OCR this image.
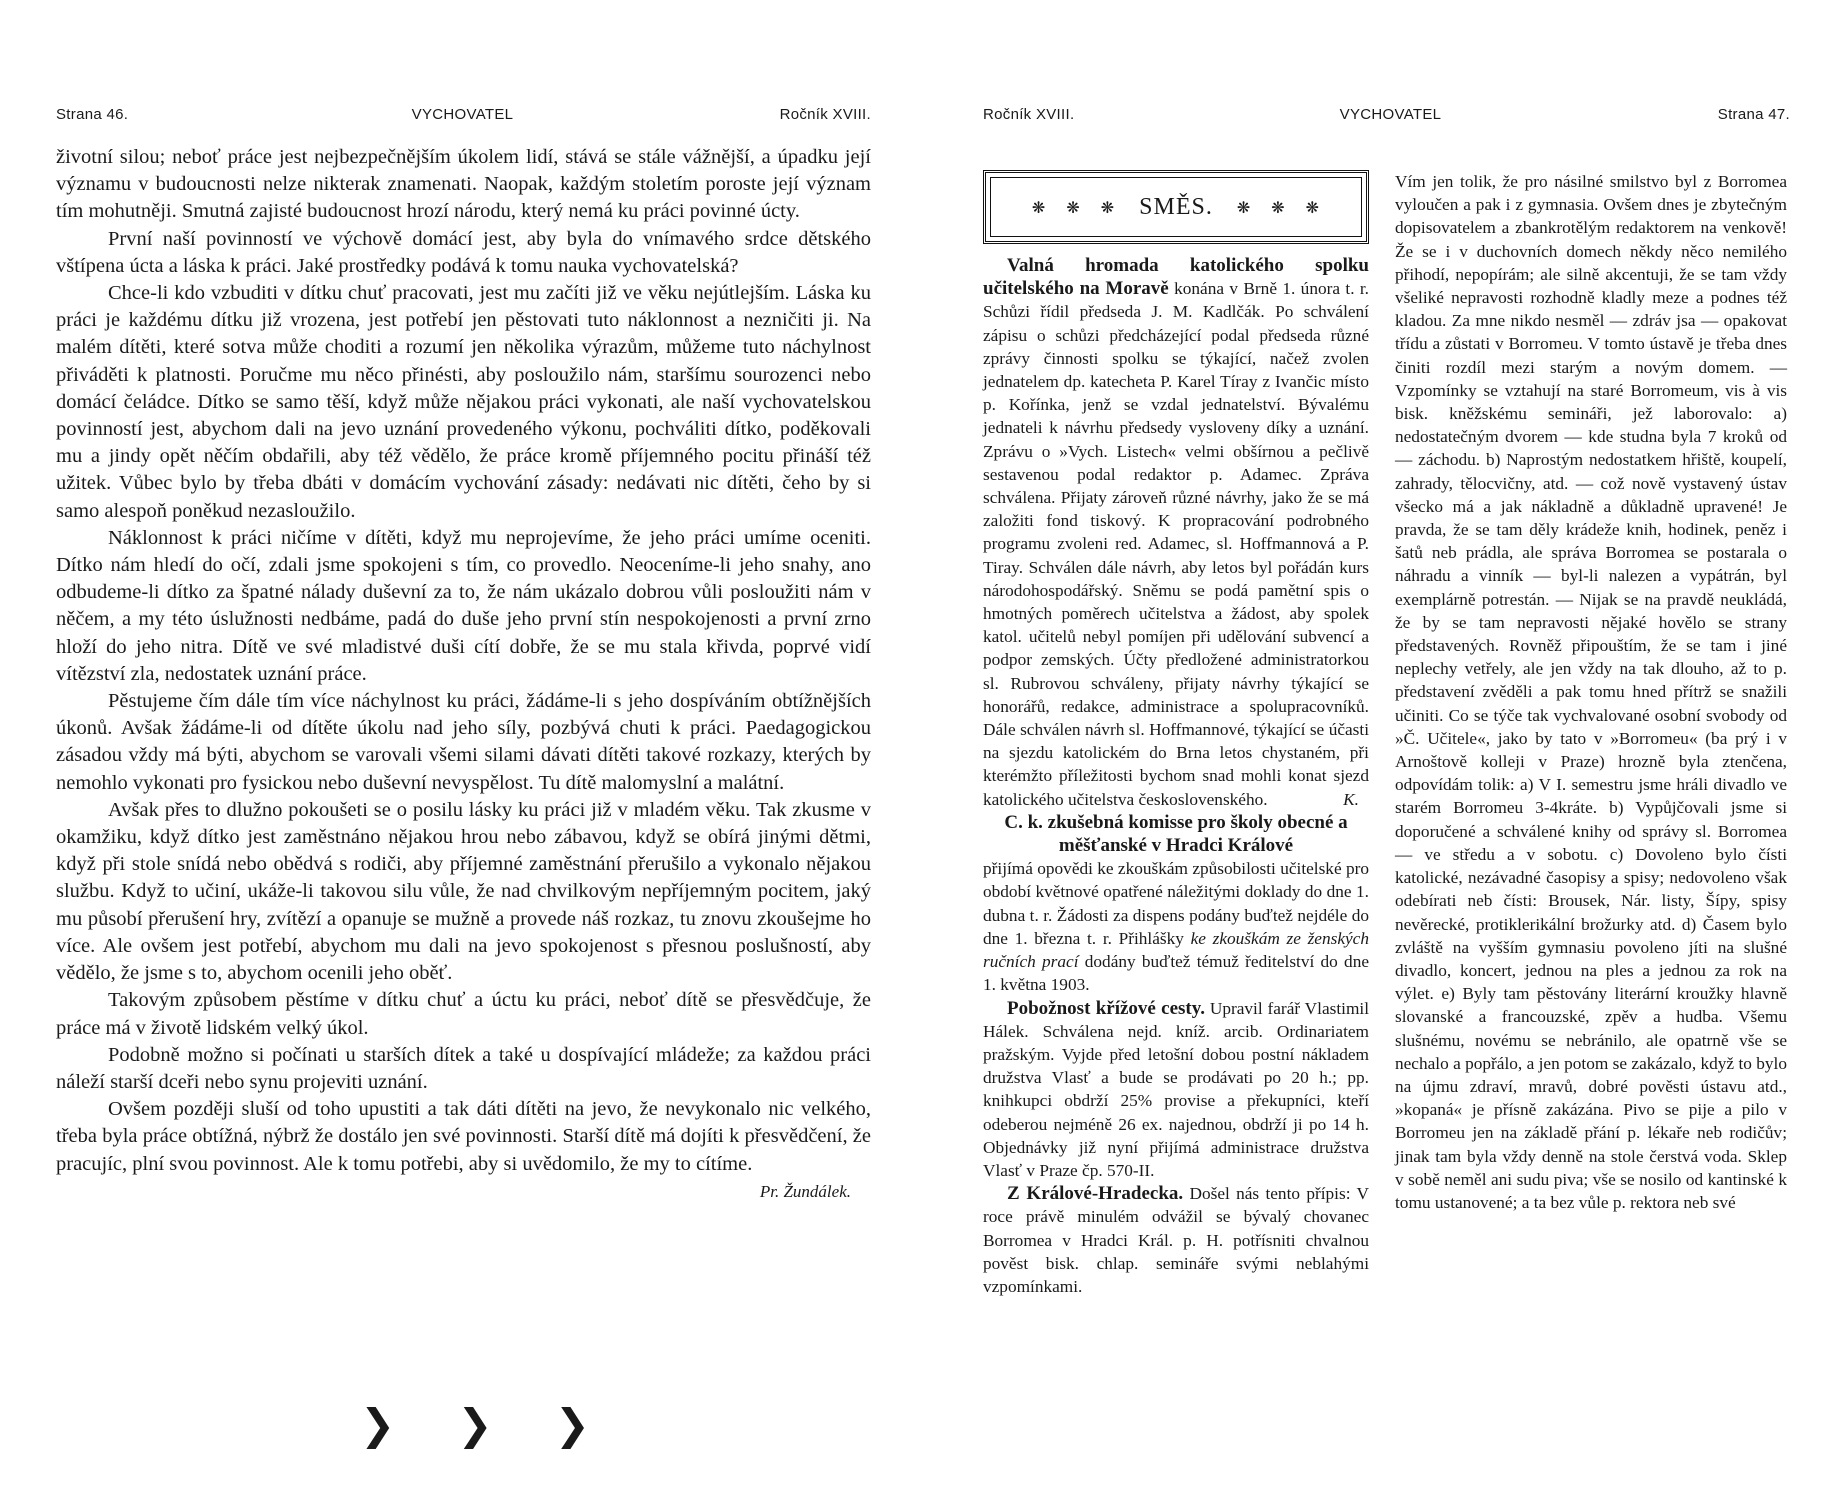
Strana 46.	VYCHOVATEL	Ročník XVIII.

životní silou; neboť práce jest nejbezpečnějším úkolem lidí, stává se stále vážnější, a úpadku její významu v budoucnosti nelze nikterak znamenati. Naopak, každým stoletím poroste její význam tím mohutněji. Smutná zajisté budoucnost hrozí národu, který nemá ku práci povinné úcty.

První naší povinností ve výchově domácí jest, aby byla do vnímavého srdce dětského vštípena úcta a láska k práci. Jaké prostředky podává k tomu nauka vychovatelská?

Chce-li kdo vzbuditi v dítku chuť pracovati, jest mu začíti již ve věku nejútlejším. Láska ku práci je každému dítku již vrozena, jest potřebí jen pěstovati tuto náklonnost a nezničiti ji. Na malém dítěti, které sotva může choditi a rozumí jen několika výrazům, můžeme tuto náchylnost přiváděti k platnosti. Poručme mu něco přinésti, aby posloužilo nám, staršímu sourozenci nebo domácí čeládce. Dítko se samo těší, když může nějakou práci vykonati, ale naší vychovatelskou povinností jest, abychom dali na jevo uznání provedeného výkonu, pochváliti dítko, poděkovali mu a jindy opět něčím obdařili, aby též vědělo, že práce kromě příjemného pocitu přináší též užitek. Vůbec bylo by třeba dbáti v domácím vychování zásady: nedávati nic dítěti, čeho by si samo alespoň poněkud nezasloužilo.

Náklonnost k práci ničíme v dítěti, když mu neprojevíme, že jeho práci umíme oceniti. Dítko nám hledí do očí, zdali jsme spokojeni s tím, co provedlo. Neoceníme-li jeho snahy, ano odbudeme-li dítko za špatné nálady duševní za to, že nám ukázalo dobrou vůli posloužiti nám v něčem, a my této úslužnosti nedbáme, padá do duše jeho první stín nespokojenosti a první zrno hloží do jeho nitra. Dítě ve své mladistvé duši cítí dobře, že se mu stala křivda, poprvé vidí vítězství zla, nedostatek uznání práce.

Pěstujeme čím dále tím více náchylnost ku práci, žádáme-li s jeho dospíváním obtížnějších úkonů. Avšak žádáme-li od dítěte úkolu nad jeho síly, pozbývá chuti k práci. Paedagogickou zásadou vždy má býti, abychom se varovali všemi silami dávati dítěti takové rozkazy, kterých by nemohlo vykonati pro fysickou nebo duševní nevyspělost. Tu dítě malomyslní a malátní.

Avšak přes to dlužno pokoušeti se o posilu lásky ku práci již v mladém věku. Tak zkusme v okamžiku, když dítko jest zaměstnáno nějakou hrou nebo zábavou, když se obírá jinými dětmi, když při stole snídá nebo obědvá s rodiči, aby příjemné zaměstnání přerušilo a vykonalo nějakou službu. Když to učiní, ukáže-li takovou silu vůle, že nad chvilkovým nepříjemným pocitem, jaký mu působí přerušení hry, zvítězí a opanuje se mužně a provede náš rozkaz, tu znovu zkoušejme ho více. Ale ovšem jest potřebí, abychom mu dali na jevo spokojenost s přesnou poslušností, aby vědělo, že jsme s to, abychom ocenili jeho oběť.

Takovým způsobem pěstíme v dítku chuť a úctu ku práci, neboť dítě se přesvědčuje, že práce má v životě lidském velký úkol.

Podobně možno si počínati u starších dítek a také u dospívající mládeže; za každou práci náleží starší dceři nebo synu projeviti uznání.

Ovšem později sluší od toho upustiti a tak dáti dítěti na jevo, že nevykonalo nic velkého, třeba byla práce obtížná, nýbrž že dostálo jen své povinnosti. Starší dítě má dojíti k přesvědčení, že pracujíc, plní svou povinnost. Ale k tomu potřebi, aby si uvědomilo, že my to cítíme.
Pr. Žundálek.

❯ ❯ ❯
Ročník XVIII.	VYCHOVATEL	Strana 47.
❋ ❋ ❋ SMĚS. ❋ ❋ ❋

Valná hromada katolického spolku učitelského na Moravě konána v Brně 1. února t. r. Schůzi řídil předseda J. M. Kadlčák. Po schválení zápisu o schůzi předcházející podal předseda různé zprávy činnosti spolku se týkající, načež zvolen jednatelem dp. katecheta P. Karel Tíray z Ivančic místo p. Kořínka, jenž se vzdal jednatelství. Bývalému jednateli k návrhu předsedy vysloveny díky a uznání. Zprávu o »Vych. Listech« velmi obšírnou a pečlivě sestavenou podal redaktor p. Adamec. Zpráva schválena. Přijaty zároveň různé návrhy, jako že se má založiti fond tiskový. K propracování podrobného programu zvoleni red. Adamec, sl. Hoffmannová a P. Tiray. Schválen dále návrh, aby letos byl pořádán kurs národohospodářský. Sněmu se podá pamětní spis o hmotných poměrech učitelstva a žádost, aby spolek katol. učitelů nebyl pomíjen při udělování subvencí a podpor zemských. Účty předložené administratorkou sl. Rubrovou schváleny, přijaty návrhy týkající se honorářů, redakce, administrace a spolupracovníků. Dále schválen návrh sl. Hoffmannové, týkající se účasti na sjezdu katolickém do Brna letos chystaném, při kterémžto příležitosti bychom snad mohli konat sjezd katolického učitelstva československého.	K.

C. k. zkušebná komisse pro školy obecné a měšťanské v Hradci Králové

přijímá opovědi ke zkouškám způsobilosti učitelské pro období květnové opatřené náležitými doklady do dne 1. dubna t. r. Žádosti za dispens podány buďtež nejdéle do dne 1. března t. r. Přihlášky ke zkouškám ze ženských ručních prací dodány buďtež témuž ředitelství do dne 1. května 1903.

Pobožnost křížové cesty. Upravil farář Vlastimil Hálek. Schválena nejd. kníž. arcib. Ordinariatem pražským. Vyjde před letošní dobou postní nákladem družstva Vlasť a bude se prodávati po 20 h.; pp. knihkupci obdrží 25% provise a překupníci, kteří odeberou nejméně 26 ex. najednou, obdrží ji po 14 h. Objednávky již nyní přijímá administrace družstva Vlasť v Praze čp. 570-II.

Z Králové-Hradecka. Došel nás tento přípis: V roce právě minulém odvážil se bývalý chovanec Borromea v Hradci Král. p. H. potřísniti chvalnou pověst bisk. chlap. semináře svými neblahými vzpomínkami.

Vím jen tolik, že pro násilné smilstvo byl z Borromea vyloučen a pak i z gymnasia. Ovšem dnes je zbytečným dopisovatelem a zbankrotělým redaktorem na venkově! Že se i v duchovních domech někdy něco nemilého přihodí, nepopírám; ale silně akcentuji, že se tam vždy všeliké nepravosti rozhodně kladly meze a podnes též kladou. Za mne nikdo nesměl — zdráv jsa — opakovat třídu a zůstati v Borromeu. V tomto ústavě je třeba dnes činiti rozdíl mezi starým a novým domem. — Vzpomínky se vztahují na staré Borromeum, vis à vis bisk. kněžskému semináři, jež laborovalo: a) nedostatečným dvorem — kde studna byla 7 kroků od — záchodu. b) Naprostým nedostatkem hřiště, koupelí, zahrady, tělocvičny, atd. — což nově vystavený ústav všecko má a jak nákladně a důkladně upravené! Je pravda, že se tam děly krádeže knih, hodinek, peněz i šatů neb prádla, ale správa Borromea se postarala o náhradu a vinník — byl-li nalezen a vypátrán, byl exemplárně potrestán. — Nijak se na pravdě neukládá, že by se tam nepravosti nějaké hovělo se strany představených. Rovněž připouštím, že se tam i jiné neplechy vetřely, ale jen vždy na tak dlouho, až to p. představení zvěděli a pak tomu hned přítrž se snažili učiniti. Co se týče tak vychvalované osobní svobody od »Č. Učitele«, jako by tato v »Borromeu« (ba prý i v Arnoštově kolleji v Praze) hrozně byla ztenčena, odpovídám tolik: a) V I. semestru jsme hráli divadlo ve starém Borromeu 3-4kráte. b) Vypůjčovali jsme si doporučené a schválené knihy od správy sl. Borromea — ve středu a v sobotu. c) Dovoleno bylo čísti katolické, nezávadné časopisy a spisy; nedovoleno však odebírati neb čísti: Brousek, Nár. listy, Šípy, spisy nevěrecké, protiklerikální brožurky atd. d) Časem bylo zvláště na vyšším gymnasiu povoleno jíti na slušné divadlo, koncert, jednou na ples a jednou za rok na výlet. e) Byly tam pěstovány literární kroužky hlavně slovanské a francouzské, zpěv a hudba. Všemu slušnému, novému se nebránilo, ale opatrně vše se nechalo a popřálo, a jen potom se zakázalo, když to bylo na újmu zdraví, mravů, dobré pověsti ústavu atd., »kopaná« je přísně zakázána. Pivo se pije a pilo v Borromeu jen na základě přání p. lékaře neb rodičův; jinak tam byla vždy denně na stole čerstvá voda. Sklep v sobě neměl ani sudu piva; vše se nosilo od kantinské k tomu ustanovené; a ta bez vůle p. rektora neb své
